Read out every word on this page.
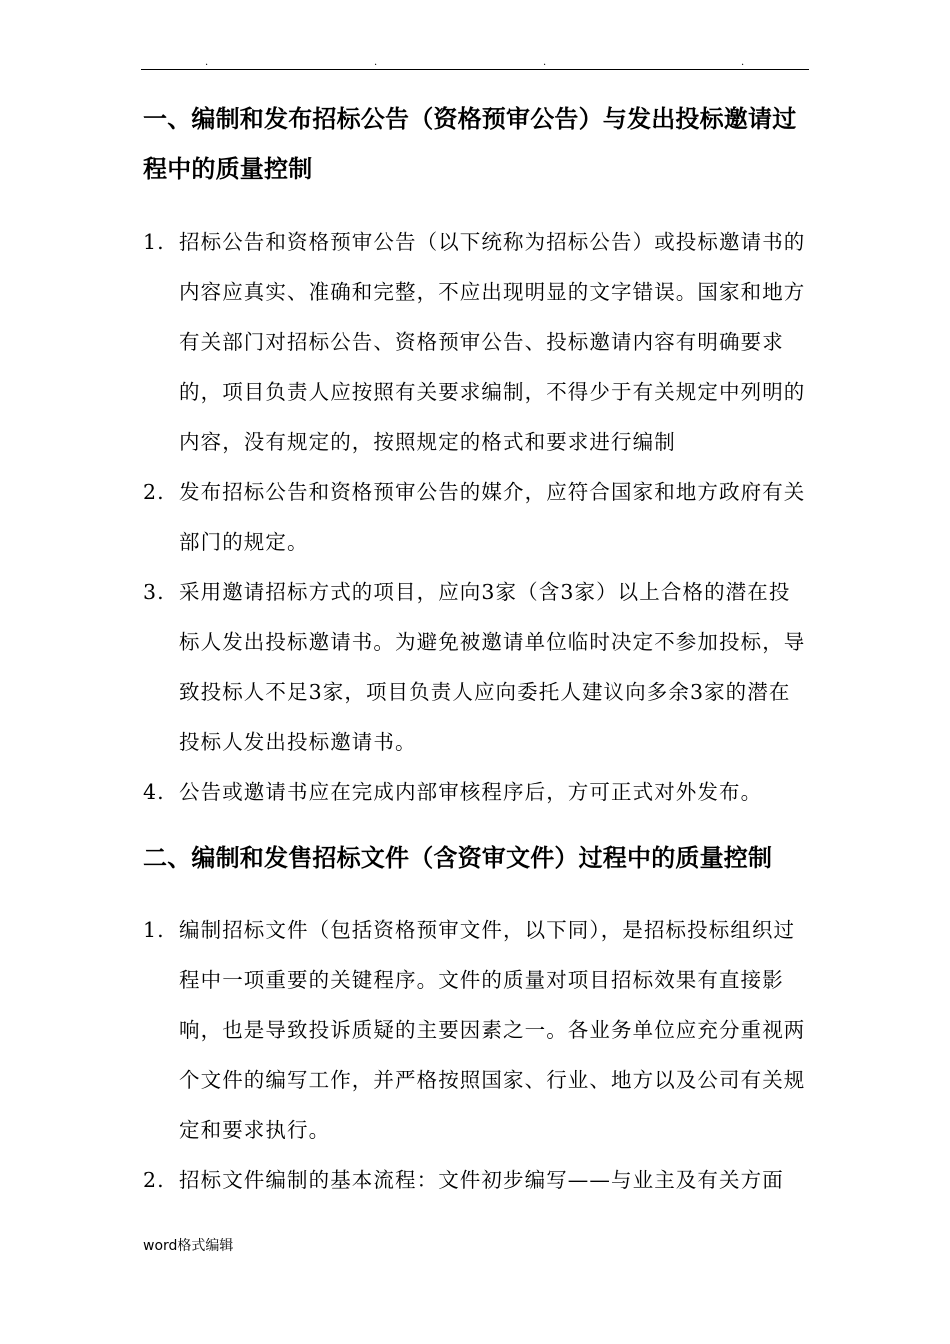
.	.	.	.
一、编制和发布招标公告（资格预审公告）与发出投标邀请过程中的质量控制
1. 招标公告和资格预审公告（以下统称为招标公告）或投标邀请书的内容应真实、准确和完整，不应出现明显的文字错误。国家和地方有关部门对招标公告、资格预审公告、投标邀请内容有明确要求的，项目负责人应按照有关要求编制，不得少于有关规定中列明的内容，没有规定的，按照规定的格式和要求进行编制
2. 发布招标公告和资格预审公告的媒介，应符合国家和地方政府有关部门的规定。
3. 采用邀请招标方式的项目，应向3家（含3家）以上合格的潜在投标人发出投标邀请书。为避免被邀请单位临时决定不参加投标，导致投标人不足3家，项目负责人应向委托人建议向多余3家的潜在投标人发出投标邀请书。
4. 公告或邀请书应在完成内部审核程序后，方可正式对外发布。
二、编制和发售招标文件（含资审文件）过程中的质量控制
1. 编制招标文件（包括资格预审文件，以下同），是招标投标组织过程中一项重要的关键程序。文件的质量对项目招标效果有直接影响，也是导致投诉质疑的主要因素之一。各业务单位应充分重视两个文件的编写工作，并严格按照国家、行业、地方以及公司有关规定和要求执行。
2. 招标文件编制的基本流程：文件初步编写——与业主及有关方面
word格式编辑
